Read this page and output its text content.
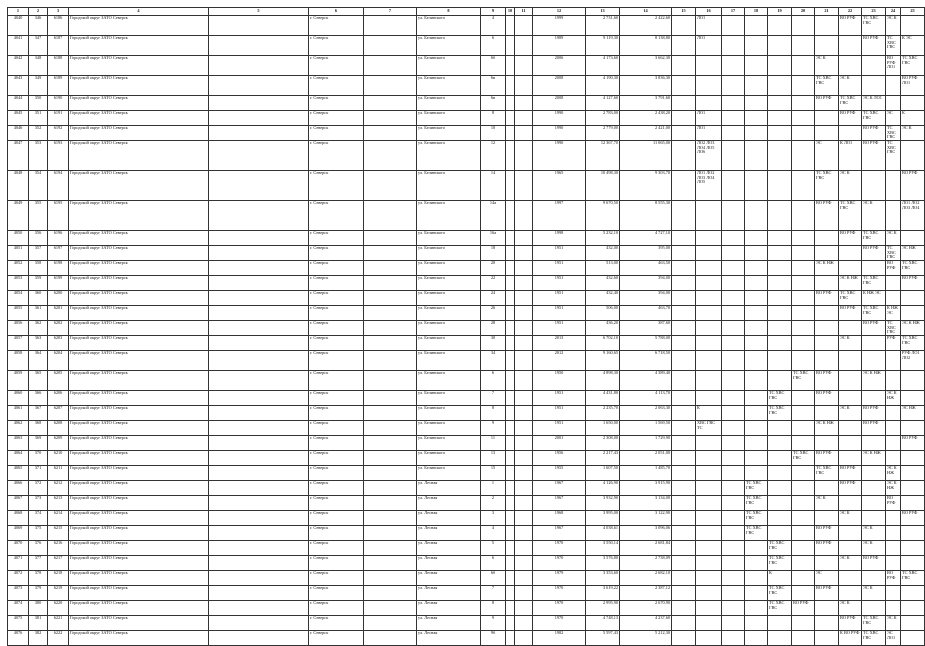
1	2	3	4	5	6	7	8	9	10	11	12	13	14	15	16	17	18	19	20	21	22	23	24	25
4040	346	6186	Городской округ ЗАТО Северск		г. Северск		ул. Белинского	4			1999	2 731,60	2 422,60		ЛО1						ВО РУФ	ТС ХВС ГВС	ЭС К	
4041	347	6187	Городской округ ЗАТО Северск		г. Северск		ул. Белинского	6			1989	9 119,30	8 138,80		ЛО1							ВО РУФ	ТС ХВС ГВС	К ЭС
4042	348	6188	Городской округ ЗАТО Северск		г. Северск		ул. Белинского	6б			2006	4 173,60	3 662,30							ЭС К			ВО РУФ ЛО1	ТС ХВС ГВС
4043	349	6189	Городской округ ЗАТО Северск		г. Северск		ул. Белинского	6в			2008	4 190,30	3 836,30							ТС ХВС ГВС	ЭС К			ВО РУФ ЛО1
4044	350	6190	Городской округ ЗАТО Северск		г. Северск		ул. Белинского	6в			2008	4 127,60	3 791,60							ВО РУФ	ТС ХВС ГВС	ЭС К ЛО1		
4045	351	6191	Городской округ ЗАТО Северск		г. Северск		ул. Белинского	8			1990	2 783,00	2 438,20		ЛО1						ВО РУФ	ТС ХВС ГВС	ЭС	К
4046	352	6192	Городской округ ЗАТО Северск		г. Северск		ул. Белинского	10			1990	2 779,00	2 421,00		ЛО1							ВО РУФ	ТС ХВС ГВС	ЭС К
4047	353	6193	Городской округ ЗАТО Северск		г. Северск		ул. Белинского	12			1990	12 367,70	11 065,00		ЛО2 ЛО3 ЛО4 ЛО5 ЛО6					ЭС	К ЛО1	ВО РУФ	ТС ХВС ГВС	
4048	354	6194	Городской округ ЗАТО Северск		г. Северск		ул. Белинского	14			1965	10 498,30	9 303,70		ЛО1 ЛО2 ЛО3 ЛО4 ЛО5					ТС ХВС ГВС	ЭС К			ВО РУФ
4049	355	6195	Городской округ ЗАТО Северск		г. Северск		ул. Белинского	14а			1997	9 670,50	8 555,30							ВО РУФ	ТС ХВС ГВС	ЭС К		ЛО1 ЛО2 ЛО3 ЛО4
4050	356	6196	Городской округ ЗАТО Северск		г. Северск		ул. Белинского	16а			1998	5 232,10	4 727,10								ВО РУФ	ТС ХВС ГВС	ЭС К	
4051	357	6197	Городской округ ЗАТО Северск		г. Северск		ул. Белинского	18			1951	432,00	395,00									ВО РУФ	ТС ХВС ГВС	ЭС НЖ
4052	358	6198	Городской округ ЗАТО Северск		г. Северск		ул. Белинского	20			1951	513,00	463,50							ЭС К НЖ			ВО РУФ	ТС ХВС ГВС
4053	359	6199	Городской округ ЗАТО Северск		г. Северск		ул. Белинского	22			1951	432,60	394,00								ЭС К НЖ	ТС ХВС ГВС		ВО РУФ
4054	360	6200	Городской округ ЗАТО Северск		г. Северск		ул. Белинского	24			1951	432,40	394,00							ВО РУФ	ТС ХВС ГВС	К НЖ ЭС		
4055	361	6201	Городской округ ЗАТО Северск		г. Северск		ул. Белинского	26			1951	506,00	463,70								ВО РУФ	ТС ХВС ГВС	К НЖ ЭС	
4056	362	6202	Городской округ ЗАТО Северск		г. Северск		ул. Белинского	28			1951	436,20	387,60									ВО РУФ	ТС ХВС ГВС	ЭС К НЖ
4057	363	6203	Городской округ ЗАТО Северск		г. Северск		ул. Белинского	30			2013	6 702,10	5 788,00								ЭС К		РУФ	ТС ХВС ГВС
4058	364	6204	Городской округ ЗАТО Северск		г. Северск		ул. Белинского	34			2012	9 160,65	6 718,50											РУФ ЛО1 ЛО2
4059	365	6205	Городской округ ЗАТО Северск		г. Северск		ул. Белинского	6			1950	4 898,30	4 389,40						ТС ХВС ГВС	ВО РУФ		ЭС К НЖ		
4060	366	6206	Городской округ ЗАТО Северск		г. Северск		ул. Белинского	7			1951	4 431,80	4 113,70					ТС ХВС ГВС		ВО РУФ			ЭС К НЖ	
4061	367	6207	Городской округ ЗАТО Северск		г. Северск		ул. Белинского	8			1951	2 235,70	2 063,30		К			ТС ХВС ГВС			ЭС К	ВО РУФ		ЭС НЖ
4062	368	6208	Городской округ ЗАТО Северск		г. Северск		ул. Белинского	9			1951	1 650,00	1 569,50		ХВС ГВС ТС					ЭС К НЖ		ВО РУФ		
4063	369	6209	Городской округ ЗАТО Северск		г. Северск		ул. Белинского	11			2001	2 308,00	1 729,90											ВО РУФ
4064	370	6210	Городской округ ЗАТО Северск		г. Северск		ул. Белинского	13			1956	2 217,43	2 051,00						ТС ХВС ГВС	ВО РУФ		ЭС К НЖ		
4065	371	6211	Городской округ ЗАТО Северск		г. Северск		ул. Белинского	15			1955	1 607,50	1 485,70							ТС ХВС ГВС	ВО РУФ		ЭС К НЖ	
4066	372	6212	Городской округ ЗАТО Северск		г. Северск		ул. Лесная	1			1967	4 126,90	3 915,90				ТС ХВС ГВС				ВО РУФ		ЭС К НЖ	
4067	373	6213	Городской округ ЗАТО Северск		г. Северск		ул. Лесная	2			1967	3 932,90	3 134,00				ТС ХВС ГВС			ЭС К			ВО РУФ	
4068	374	6214	Городской округ ЗАТО Северск		г. Северск		ул. Лесная	3			1968	3 995,00	3 122,90				ТС ХВС ГВС				ЭС К			ВО РУФ
4069	375	6215	Городской округ ЗАТО Северск		г. Северск		ул. Лесная	4			1967	4 038,61	3 096,06				ТС ХВС ГВС			ВО РУФ		ЭС К		
4070	376	6216	Городской округ ЗАТО Северск		г. Северск		ул. Лесная	5			1970	3 550,14	2 681,84					ТС ХВС ГВС		ВО РУФ		ЭС К		
4071	377	6217	Городской округ ЗАТО Северск		г. Северск		ул. Лесная	6			1970	3 576,80	2 738,09					ТС ХВС ГВС			ЭС К	ВО РУФ		
4072	378	6218	Городской округ ЗАТО Северск		г. Северск		ул. Лесная	6б			1979	3 353,60	2 682,10					К		ЭС			ВО РУФ	ТС ХВС ГВС
4073	379	6219	Городской округ ЗАТО Северск		г. Северск		ул. Лесная	7			1970	3 619,22	2 387,12					ТС ХВС ГВС		ВО РУФ		ЭС К		
4074	380	6220	Городской округ ЗАТО Северск		г. Северск		ул. Лесная	8			1970	2 995,90	2 670,90					ТС ХВС ГВС	ВО РУФ		ЭС К			
4075	381	6221	Городской округ ЗАТО Северск		г. Северск		ул. Лесная	9			1970	4 748,13	4 237,60								ВО РУФ	ТС ХВС ГВС	ЭС К	
4076	382	6222	Городской округ ЗАТО Северск		г. Северск		ул. Лесная	9б			1982	5 597,43	5 212,30								К ВО РУФ	ТС ХВС ГВС	ЭС ЛО1	
